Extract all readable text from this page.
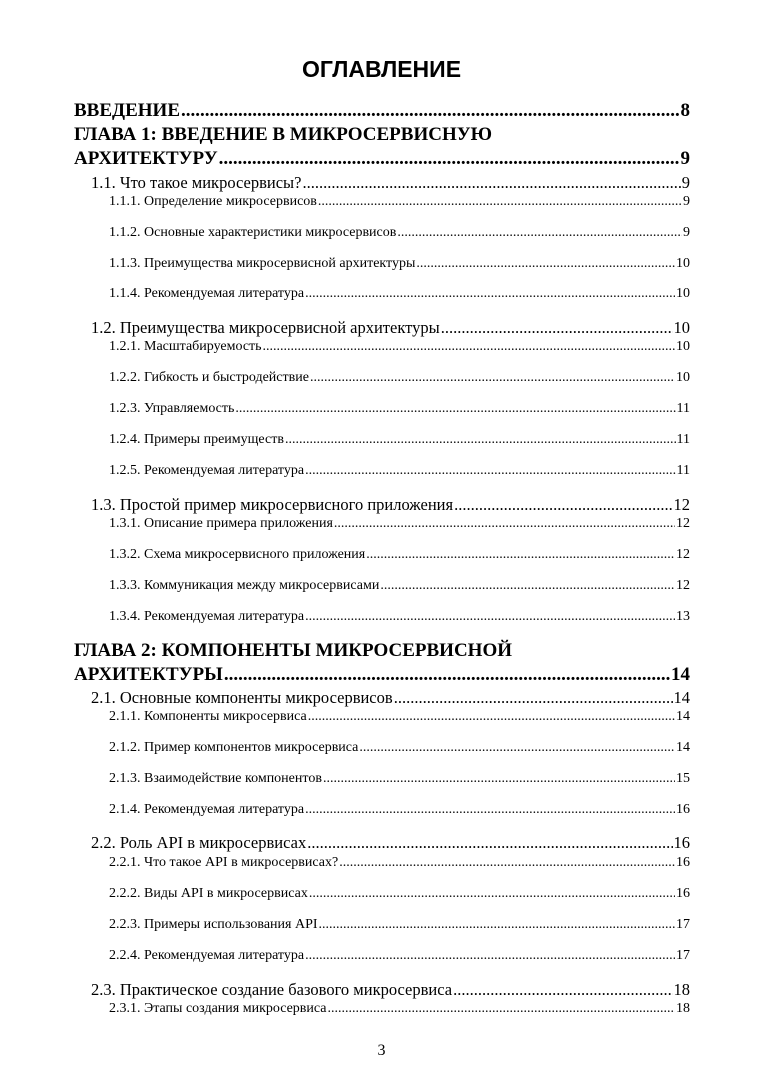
ОГЛАВЛЕНИЕ
ВВЕДЕНИЕ .....	8
ГЛАВА 1: ВВЕДЕНИЕ В МИКРОСЕРВИСНУЮ
АРХИТЕКТУРУ .....	9
1.1. Что такое микросервисы? .....	9
1.1.1. Определение микросервисов .....	9
1.1.2. Основные характеристики микросервисов .....	9
1.1.3. Преимущества микросервисной архитектуры .....	10
1.1.4. Рекомендуемая литература .....	10
1.2. Преимущества микросервисной архитектуры .....	10
1.2.1. Масштабируемость .....	10
1.2.2. Гибкость и быстродействие .....	10
1.2.3. Управляемость .....	11
1.2.4. Примеры преимуществ .....	11
1.2.5. Рекомендуемая литература .....	11
1.3. Простой пример микросервисного приложения .....	12
1.3.1. Описание примера приложения .....	12
1.3.2. Схема микросервисного приложения .....	12
1.3.3. Коммуникация между микросервисами .....	12
1.3.4. Рекомендуемая литература .....	13
ГЛАВА 2: КОМПОНЕНТЫ МИКРОСЕРВИСНОЙ
АРХИТЕКТУРЫ .....	14
2.1. Основные компоненты микросервисов .....	14
2.1.1. Компоненты микросервиса .....	14
2.1.2. Пример компонентов микросервиса .....	14
2.1.3. Взаимодействие компонентов .....	15
2.1.4. Рекомендуемая литература .....	16
2.2. Роль API в микросервисах .....	16
2.2.1. Что такое API в микросервисах? .....	16
2.2.2. Виды API в микросервисах .....	16
2.2.3. Примеры использования API .....	17
2.2.4. Рекомендуемая литература .....	17
2.3. Практическое создание базового микросервиса .....	18
2.3.1. Этапы создания микросервиса .....	18
3
